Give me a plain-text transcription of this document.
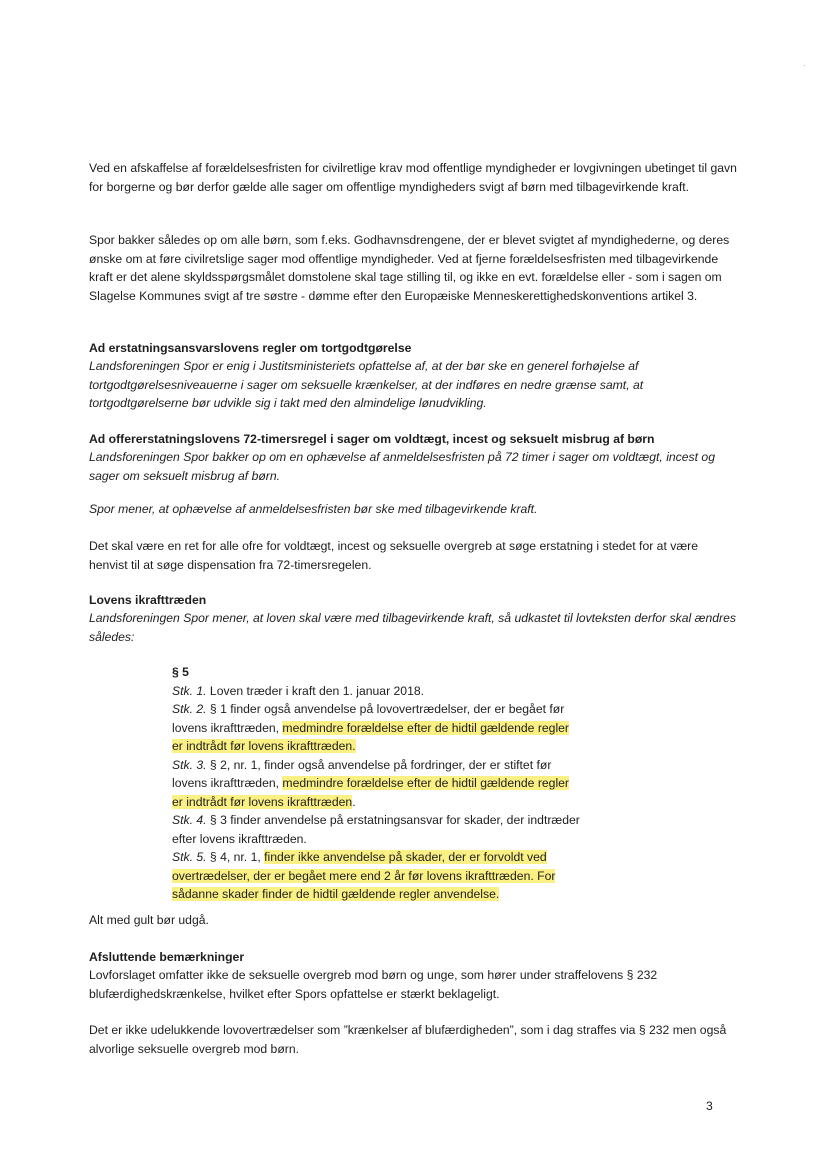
·

Ved en afskaffelse af forældelsesfristen for civilretlige krav mod offentlige myndigheder er lovgivningen ubetinget til gavn for borgerne og bør derfor gælde alle sager om offentlige myndigheders svigt af børn med tilbagevirkende kraft.

Spor bakker således op om alle børn, som f.eks. Godhavnsdrengene, der er blevet svigtet af myndighederne, og deres ønske om at føre civilretslige sager mod offentlige myndigheder. Ved at fjerne forældelsesfristen med tilbagevirkende kraft er det alene skyldsspørgsmålet domstolene skal tage stilling til, og ikke en evt. forældelse eller - som i sagen om Slagelse Kommunes svigt af tre søstre - dømme efter den Europæiske Menneskerettighedskonventions artikel 3.

Ad erstatningsansvarslovens regler om tortgodtgørelse

Landsforeningen Spor er enig i Justitsministeriets opfattelse af, at der bør ske en generel forhøjelse af tortgodtgørelsesniveauerne i sager om seksuelle krænkelser, at der indføres en nedre grænse samt, at tortgodtgørelserne bør udvikle sig i takt med den almindelige lønudvikling.

Ad offererstatningslovens 72-timersregel i sager om voldtægt, incest og seksuelt misbrug af børn

Landsforeningen Spor bakker op om en ophævelse af anmeldelsesfristen på 72 timer i sager om voldtægt, incest og sager om seksuelt misbrug af børn.

Spor mener, at ophævelse af anmeldelsesfristen bør ske med tilbagevirkende kraft.

Det skal være en ret for alle ofre for voldtægt, incest og seksuelle overgreb at søge erstatning i stedet for at være henvist til at søge dispensation fra 72-timersregelen.

Lovens ikrafttræden

Landsforeningen Spor mener, at loven skal være med tilbagevirkende kraft, så udkastet til lovteksten derfor skal ændres således:

§ 5
Stk. 1. Loven træder i kraft den 1. januar 2018.
Stk. 2. § 1 finder også anvendelse på lovovertrædelser, der er begået før
lovens ikrafttræden, medmindre forældelse efter de hidtil gældende regler
er indtrådt før lovens ikrafttræden.
Stk. 3. § 2, nr. 1, finder også anvendelse på fordringer, der er stiftet før
lovens ikrafttræden, medmindre forældelse efter de hidtil gældende regler
er indtrådt før lovens ikrafttræden.
Stk. 4. § 3 finder anvendelse på erstatningsansvar for skader, der indtræder
efter lovens ikrafttræden.
Stk. 5. § 4, nr. 1, finder ikke anvendelse på skader, der er forvoldt ved
overtrædelser, der er begået mere end 2 år før lovens ikrafttræden. For
sådanne skader finder de hidtil gældende regler anvendelse.

Alt med gult bør udgå.

Afsluttende bemærkninger

Lovforslaget omfatter ikke de seksuelle overgreb mod børn og unge, som hører under straffelovens § 232 blufærdighedskrænkelse, hvilket efter Spors opfattelse er stærkt beklageligt.

Det er ikke udelukkende lovovertrædelser som ”krænkelser af blufærdigheden”, som i dag straffes via § 232 men også alvorlige seksuelle overgreb mod børn.

3
